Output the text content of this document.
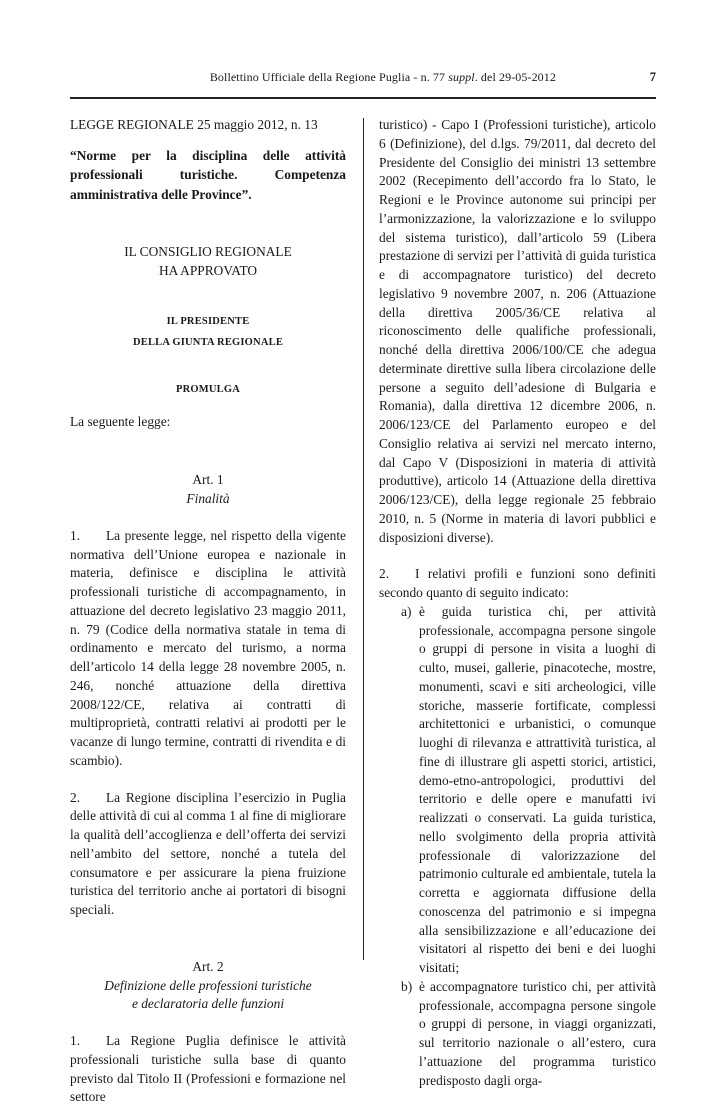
Bollettino Ufficiale della Regione Puglia - n. 77 suppl. del 29-05-2012	7

LEGGE REGIONALE 25 maggio 2012, n. 13

“Norme per la disciplina delle attività professionali turistiche. Competenza amministrativa delle Province”.

IL CONSIGLIO REGIONALE
HA APPROVATO
IL PRESIDENTE
DELLA GIUNTA REGIONALE
PROMULGA

La seguente legge:

Art. 1
Finalità

1. La presente legge, nel rispetto della vigente normativa dell’Unione europea e nazionale in materia, definisce e disciplina le attività professionali turistiche di accompagnamento, in attuazione del decreto legislativo 23 maggio 2011, n. 79 (Codice della normativa statale in tema di ordinamento e mercato del turismo, a norma dell’articolo 14 della legge 28 novembre 2005, n. 246, nonché attuazione della direttiva 2008/122/CE, relativa ai contratti di multiproprietà, contratti relativi ai prodotti per le vacanze di lungo termine, contratti di rivendita e di scambio).

2. La Regione disciplina l’esercizio in Puglia delle attività di cui al comma 1 al fine di migliorare la qualità dell’accoglienza e dell’offerta dei servizi nell’ambito del settore, nonché a tutela del consumatore e per assicurare la piena fruizione turistica del territorio anche ai portatori di bisogni speciali.

Art. 2
Definizione delle professioni turistiche
e declaratoria delle funzioni

1. La Regione Puglia definisce le attività professionali turistiche sulla base di quanto previsto dal Titolo II (Professioni e formazione nel settore

turistico) - Capo I (Professioni turistiche), articolo 6 (Definizione), del d.lgs. 79/2011, dal decreto del Presidente del Consiglio dei ministri 13 settembre 2002 (Recepimento dell’accordo fra lo Stato, le Regioni e le Province autonome sui principi per l’armonizzazione, la valorizzazione e lo sviluppo del sistema turistico), dall’articolo 59 (Libera prestazione di servizi per l’attività di guida turistica e di accompagnatore turistico) del decreto legislativo 9 novembre 2007, n. 206 (Attuazione della direttiva 2005/36/CE relativa al riconoscimento delle qualifiche professionali, nonché della direttiva 2006/100/CE che adegua determinate direttive sulla libera circolazione delle persone a seguito dell’adesione di Bulgaria e Romania), dalla direttiva 12 dicembre 2006, n. 2006/123/CE del Parlamento europeo e del Consiglio relativa ai servizi nel mercato interno, dal Capo V (Disposizioni in materia di attività produttive), articolo 14 (Attuazione della direttiva 2006/123/CE), della legge regionale 25 febbraio 2010, n. 5 (Norme in materia di lavori pubblici e disposizioni diverse).

2. I relativi profili e funzioni sono definiti secondo quanto di seguito indicato:

a) è guida turistica chi, per attività professionale, accompagna persone singole o gruppi di persone in visita a luoghi di culto, musei, gallerie, pinacoteche, mostre, monumenti, scavi e siti archeologici, ville storiche, masserie fortificate, complessi architettonici e urbanistici, o comunque luoghi di rilevanza e attrattività turistica, al fine di illustrare gli aspetti storici, artistici, demo-etno-antropologici, produttivi del territorio e delle opere e manufatti ivi realizzati o conservati. La guida turistica, nello svolgimento della propria attività professionale di valorizzazione del patrimonio culturale ed ambientale, tutela la corretta e aggiornata diffusione della conoscenza del patrimonio e si impegna alla sensibilizzazione e all’educazione dei visitatori al rispetto dei beni e dei luoghi visitati;
b) è accompagnatore turistico chi, per attività professionale, accompagna persone singole o gruppi di persone, in viaggi organizzati, sul territorio nazionale o all’estero, cura l’attuazione del programma turistico predisposto dagli orga-
